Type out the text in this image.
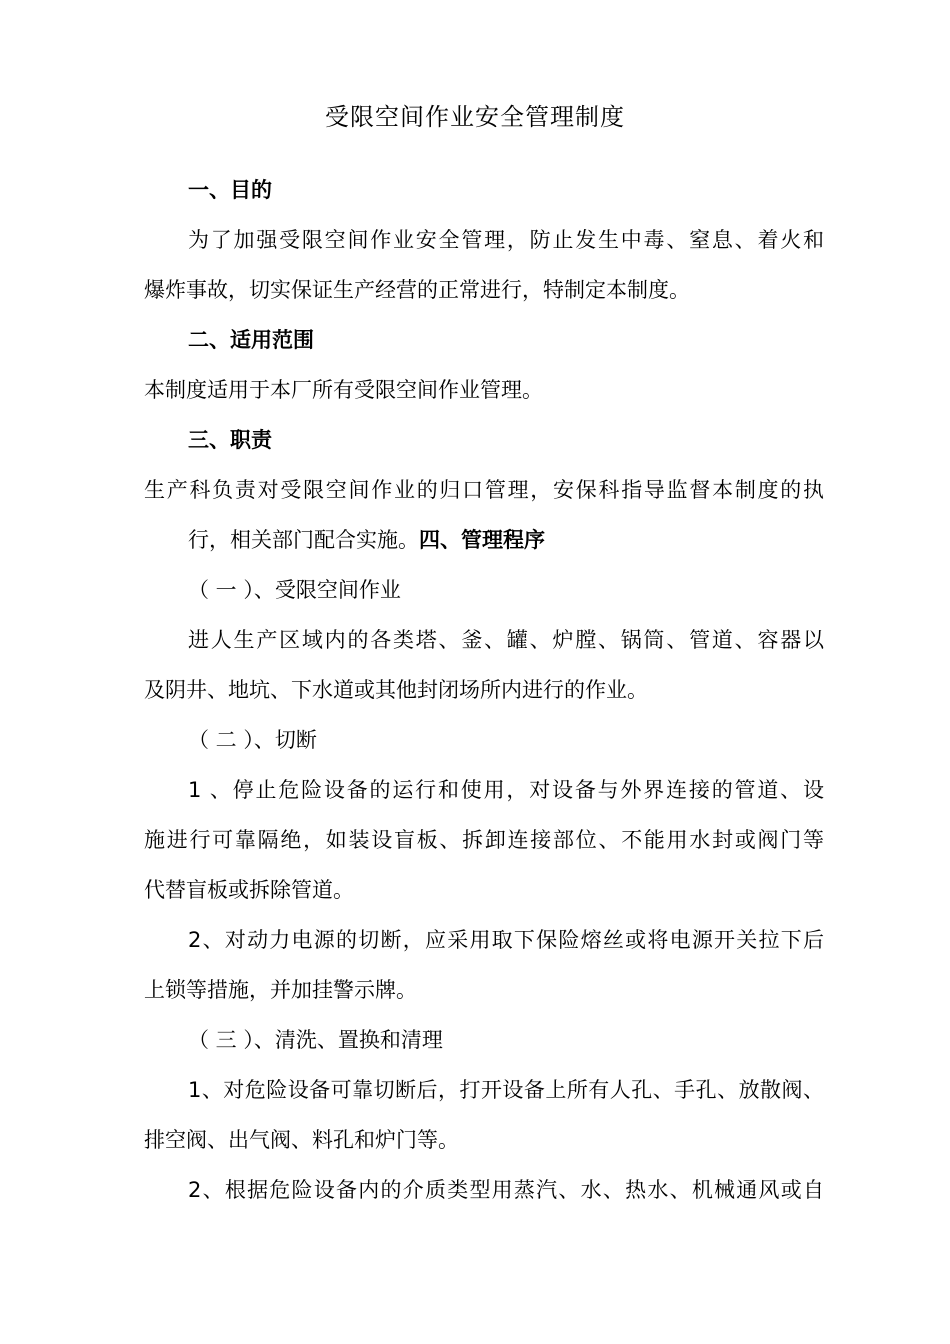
受限空间作业安全管理制度
一、目的
为了加强受限空间作业安全管理，防止发生中毒、窒息、着火和
爆炸事故，切实保证生产经营的正常进行，特制定本制度。
二、适用范围
本制度适用于本厂所有受限空间作业管理。
三、职责
生产科负责对受限空间作业的归口管理，安保科指导监督本制度的执
行，相关部门配合实施。四、管理程序
（ 一 ）、受限空间作业
进人生产区域内的各类塔、釜、罐、炉膛、锅筒、管道、容器以
及阴井、地坑、下水道或其他封闭场所内进行的作业。
（ 二 ）、切断
1 、停止危险设备的运行和使用，对设备与外界连接的管道、设
施进行可靠隔绝，如装设盲板、拆卸连接部位、不能用水封或阀门等
代替盲板或拆除管道。
2、对动力电源的切断，应采用取下保险熔丝或将电源开关拉下后
上锁等措施，并加挂警示牌。
（ 三 ）、清洗、置换和清理
1、对危险设备可靠切断后，打开设备上所有人孔、手孔、放散阀、
排空阀、出气阀、料孔和炉门等。
2、根据危险设备内的介质类型用蒸汽、水、热水、机械通风或自
